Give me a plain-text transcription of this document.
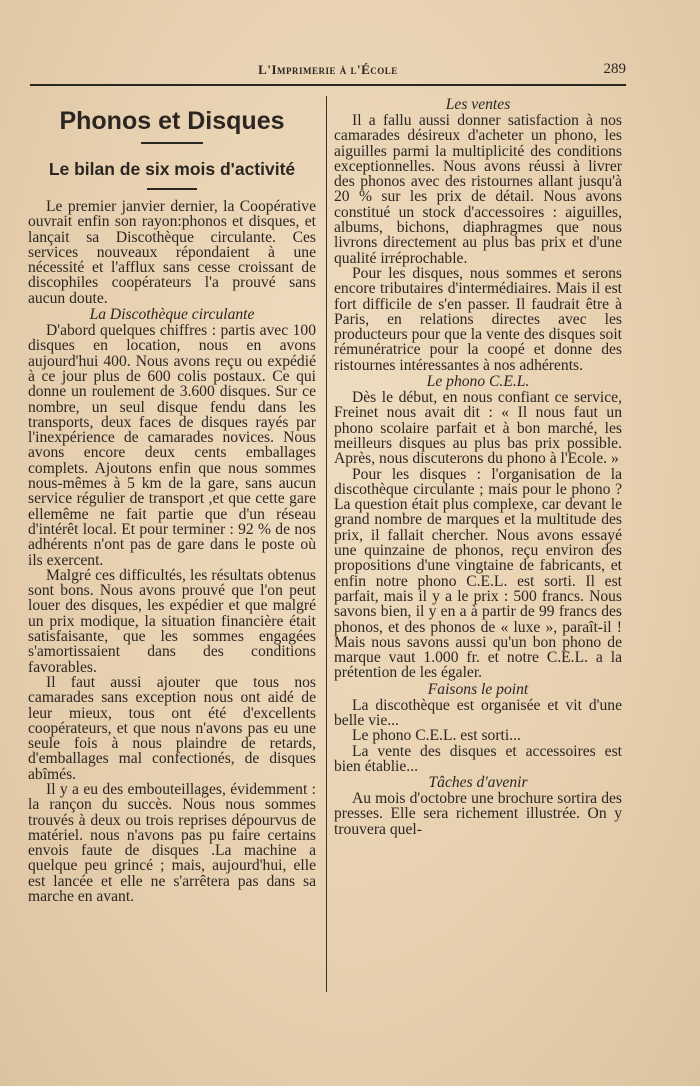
L'Imprimerie à l'École	289
Phonos et Disques
Le bilan de six mois d'activité

Le premier janvier dernier, la Coopérative ouvrait enfin son rayon:phonos et disques, et lançait sa Discothèque circulante. Ces services nouveaux répondaient à une nécessité et l'afflux sans cesse croissant de discophiles coopérateurs l'a prouvé sans aucun doute.

La Discothèque circulante

D'abord quelques chiffres : partis avec 100 disques en location, nous en avons aujourd'hui 400. Nous avons reçu ou expédié à ce jour plus de 600 colis postaux. Ce qui donne un roulement de 3.600 disques. Sur ce nombre, un seul disque fendu dans les transports, deux faces de disques rayés par l'inexpérience de camarades novices. Nous avons encore deux cents emballages complets. Ajoutons enfin que nous sommes nous-mêmes à 5 km de la gare, sans aucun service régulier de transport ,et que cette gare ellemême ne fait partie que d'un réseau d'intérêt local. Et pour terminer : 92 % de nos adhérents n'ont pas de gare dans le poste où ils exercent.

Malgré ces difficultés, les résultats obtenus sont bons. Nous avons prouvé que l'on peut louer des disques, les expédier et que malgré un prix modique, la situation financière était satisfaisante, que les sommes engagées s'amortissaient dans des conditions favorables.

Il faut aussi ajouter que tous nos camarades sans exception nous ont aidé de leur mieux, tous ont été d'excellents coopérateurs, et que nous n'avons pas eu une seule fois à nous plaindre de retards, d'emballages mal confectionés, de disques abîmés.

Il y a eu des embouteillages, évidemment : la rançon du succès. Nous nous sommes trouvés à deux ou trois reprises dépourvus de matériel. nous n'avons pas pu faire certains envois faute de disques .La machine a quelque peu grincé ; mais, aujourd'hui, elle est lancée et elle ne s'arrêtera pas dans sa marche en avant.

Les ventes

Il a fallu aussi donner satisfaction à nos camarades désireux d'acheter un phono, les aiguilles parmi la multiplicité des conditions exceptionnelles. Nous avons réussi à livrer des phonos avec des ristournes allant jusqu'à 20 % sur les prix de détail. Nous avons constitué un stock d'accessoires : aiguilles, albums, bichons, diaphragmes que nous livrons directement au plus bas prix et d'une qualité irréprochable.

Pour les disques, nous sommes et serons encore tributaires d'intermédiaires. Mais il est fort difficile de s'en passer. Il faudrait être à Paris, en relations directes avec les producteurs pour que la vente des disques soit rémunératrice pour la coopé et donne des ristournes intéressantes à nos adhérents.

Le phono C.E.L.

Dès le début, en nous confiant ce service, Freinet nous avait dit : « Il nous faut un phono scolaire parfait et à bon marché, les meilleurs disques au plus bas prix possible. Après, nous discuterons du phono à l'Ecole. »

Pour les disques : l'organisation de la discothèque circulante ; mais pour le phono ? La question était plus complexe, car devant le grand nombre de marques et la multitude des prix, il fallait chercher. Nous avons essayé une quinzaine de phonos, reçu environ des propositions d'une vingtaine de fabricants, et enfin notre phono C.E.L. est sorti. Il est parfait, mais il y a le prix : 500 francs. Nous savons bien, il y en a à partir de 99 francs des phonos, et des phonos de « luxe », paraît-il ! Mais nous savons aussi qu'un bon phono de marque vaut 1.000 fr. et notre C.E.L. a la prétention de les égaler.

Faisons le point

La discothèque est organisée et vit d'une belle vie...

Le phono C.E.L. est sorti...

La vente des disques et accessoires est bien établie...

Tâches d'avenir

Au mois d'octobre une brochure sortira des presses. Elle sera richement illustrée. On y trouvera quel-
